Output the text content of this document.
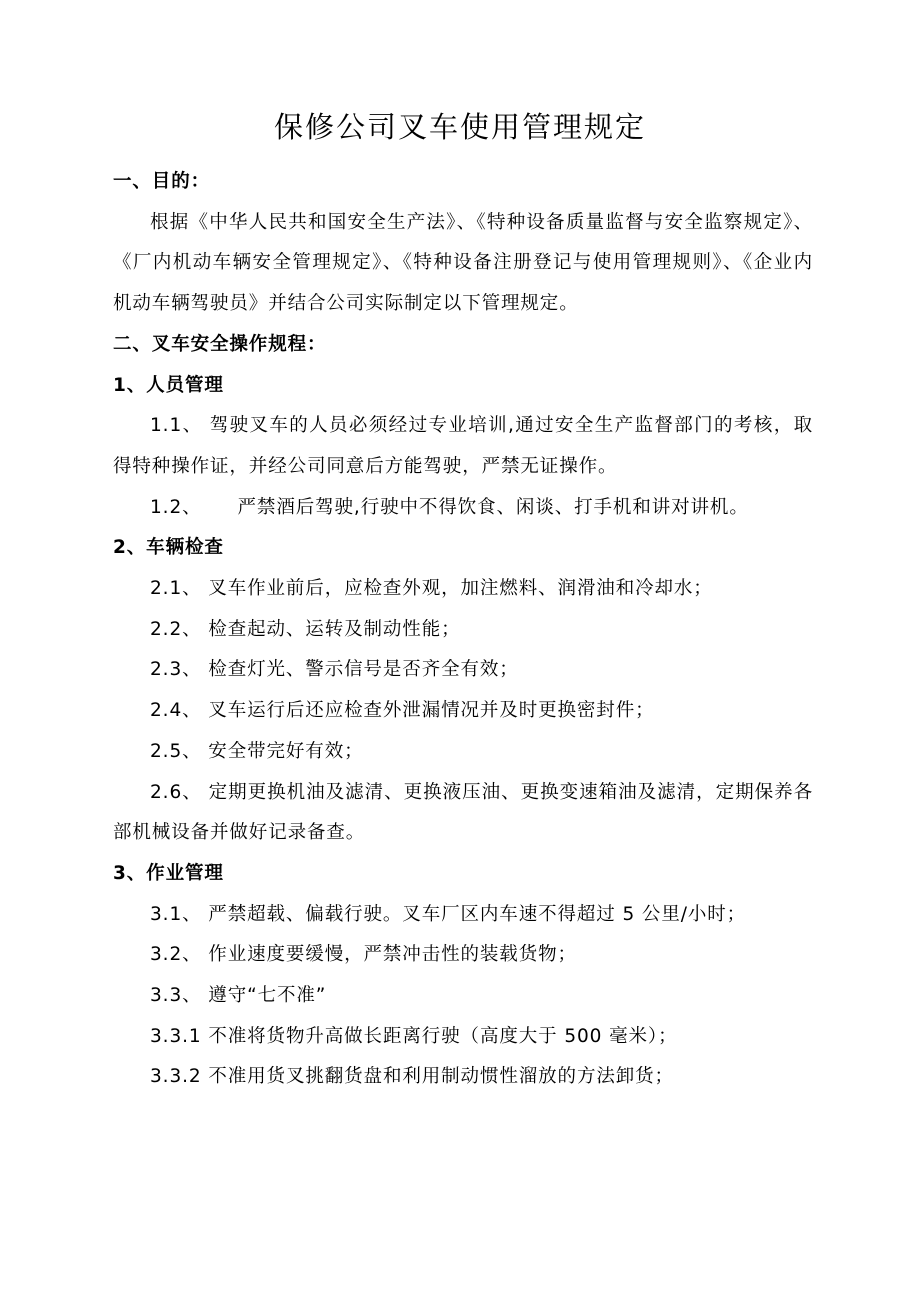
保修公司叉车使用管理规定

一、目的：

根据《中华人民共和国安全生产法》、《特种设备质量监督与安全监察规定》、《厂内机动车辆安全管理规定》、《特种设备注册登记与使用管理规则》、《企业内机动车辆驾驶员》并结合公司实际制定以下管理规定。

二、叉车安全操作规程：

1、人员管理

1.1、 驾驶叉车的人员必须经过专业培训,通过安全生产监督部门的考核，取得特种操作证，并经公司同意后方能驾驶，严禁无证操作。

1.2、 严禁酒后驾驶,行驶中不得饮食、闲谈、打手机和讲对讲机。

2、车辆检查

2.1、 叉车作业前后，应检查外观，加注燃料、润滑油和冷却水；

2.2、 检查起动、运转及制动性能；

2.3、 检查灯光、警示信号是否齐全有效；

2.4、 叉车运行后还应检查外泄漏情况并及时更换密封件；

2.5、 安全带完好有效；

2.6、 定期更换机油及滤清、更换液压油、更换变速箱油及滤清，定期保养各部机械设备并做好记录备查。

3、作业管理

3.1、 严禁超载、偏载行驶。叉车厂区内车速不得超过 5 公里/小时；

3.2、 作业速度要缓慢，严禁冲击性的装载货物；

3.3、 遵守“七不准”

3.3.1 不准将货物升高做长距离行驶（高度大于 500 毫米）；

3.3.2 不准用货叉挑翻货盘和利用制动惯性溜放的方法卸货；
